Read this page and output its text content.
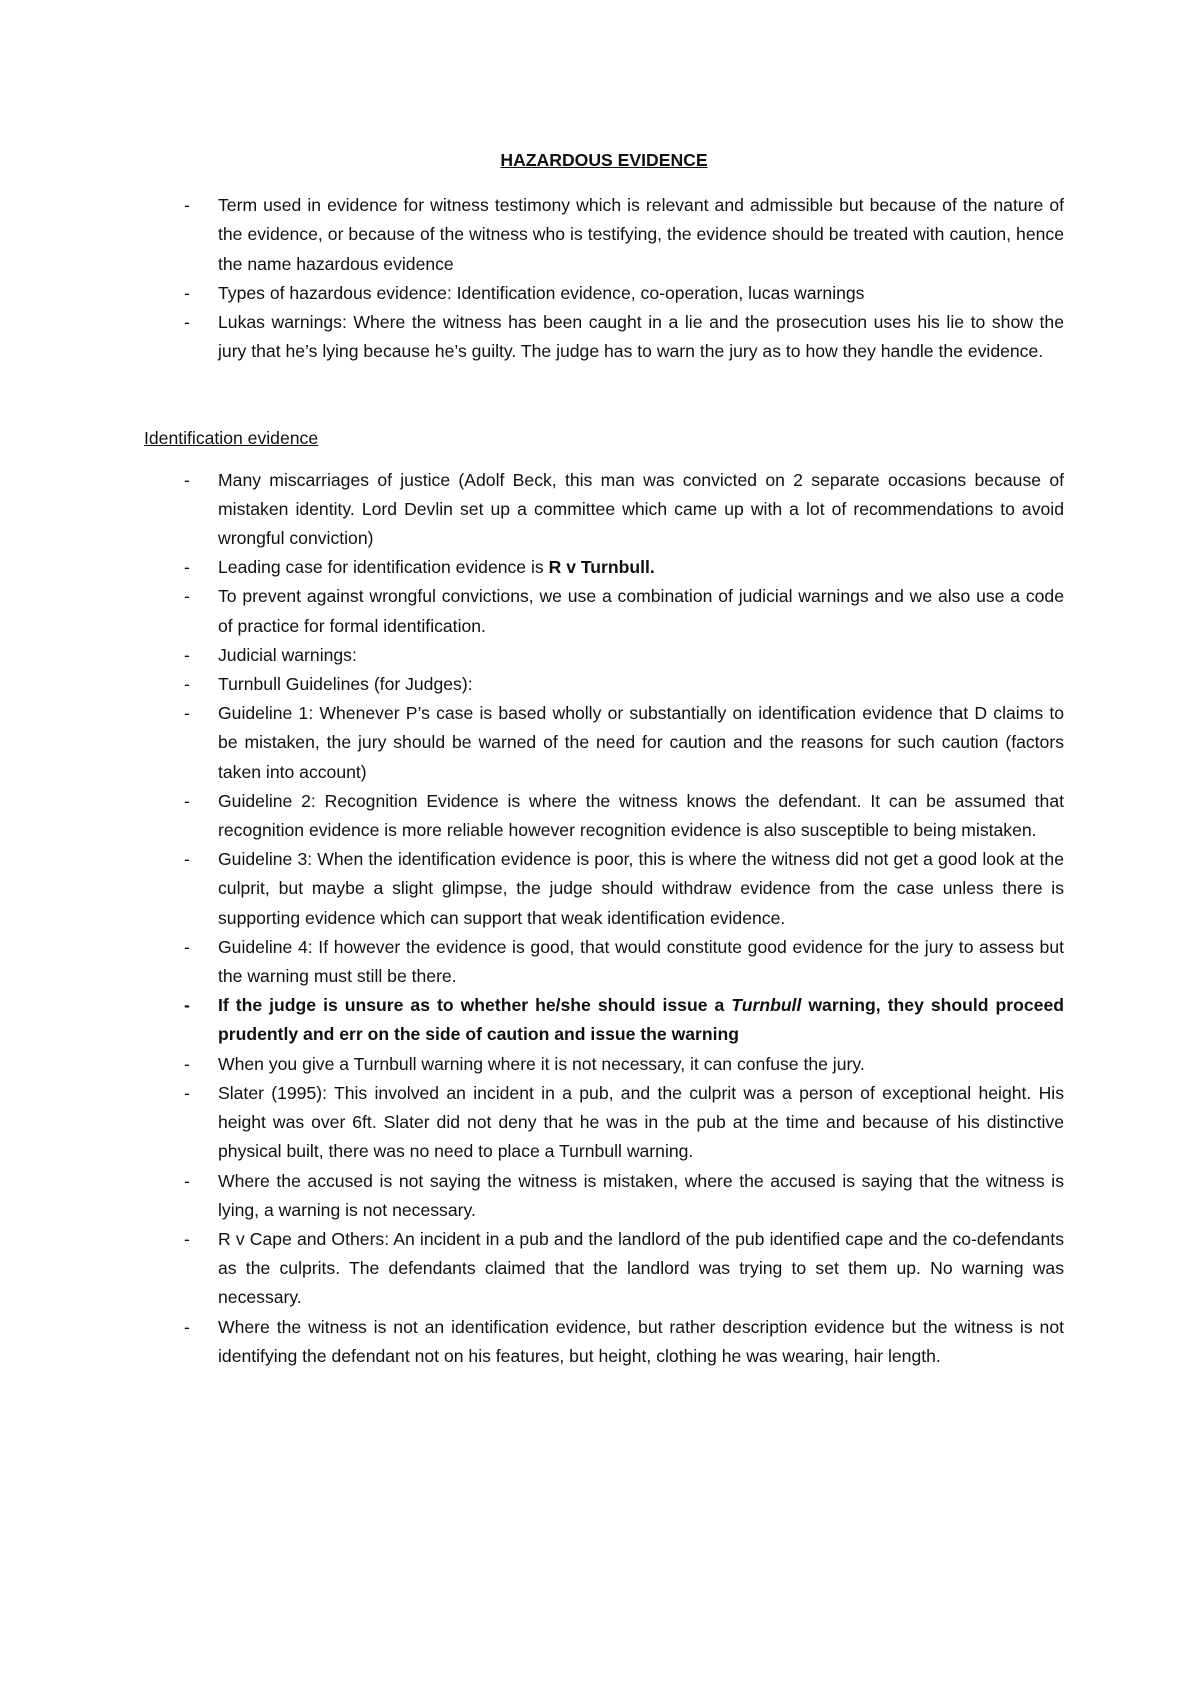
HAZARDOUS EVIDENCE
- Term used in evidence for witness testimony which is relevant and admissible but because of the nature of the evidence, or because of the witness who is testifying, the evidence should be treated with caution, hence the name hazardous evidence
- Types of hazardous evidence: Identification evidence, co-operation, lucas warnings
- Lukas warnings: Where the witness has been caught in a lie and the prosecution uses his lie to show the jury that he’s lying because he’s guilty. The judge has to warn the jury as to how they handle the evidence.
Identification evidence
- Many miscarriages of justice (Adolf Beck, this man was convicted on 2 separate occasions because of mistaken identity. Lord Devlin set up a committee which came up with a lot of recommendations to avoid wrongful conviction)
- Leading case for identification evidence is R v Turnbull.
- To prevent against wrongful convictions, we use a combination of judicial warnings and we also use a code of practice for formal identification.
- Judicial warnings:
- Turnbull Guidelines (for Judges):
- Guideline 1: Whenever P’s case is based wholly or substantially on identification evidence that D claims to be mistaken, the jury should be warned of the need for caution and the reasons for such caution (factors taken into account)
- Guideline 2: Recognition Evidence is where the witness knows the defendant. It can be assumed that recognition evidence is more reliable however recognition evidence is also susceptible to being mistaken.
- Guideline 3: When the identification evidence is poor, this is where the witness did not get a good look at the culprit, but maybe a slight glimpse, the judge should withdraw evidence from the case unless there is supporting evidence which can support that weak identification evidence.
- Guideline 4: If however the evidence is good, that would constitute good evidence for the jury to assess but the warning must still be there.
- If the judge is unsure as to whether he/she should issue a Turnbull warning, they should proceed prudently and err on the side of caution and issue the warning
- When you give a Turnbull warning where it is not necessary, it can confuse the jury.
- Slater (1995): This involved an incident in a pub, and the culprit was a person of exceptional height. His height was over 6ft. Slater did not deny that he was in the pub at the time and because of his distinctive physical built, there was no need to place a Turnbull warning.
- Where the accused is not saying the witness is mistaken, where the accused is saying that the witness is lying, a warning is not necessary.
- R v Cape and Others: An incident in a pub and the landlord of the pub identified cape and the co-defendants as the culprits. The defendants claimed that the landlord was trying to set them up. No warning was necessary.
- Where the witness is not an identification evidence, but rather description evidence but the witness is not identifying the defendant not on his features, but height, clothing he was wearing, hair length.
